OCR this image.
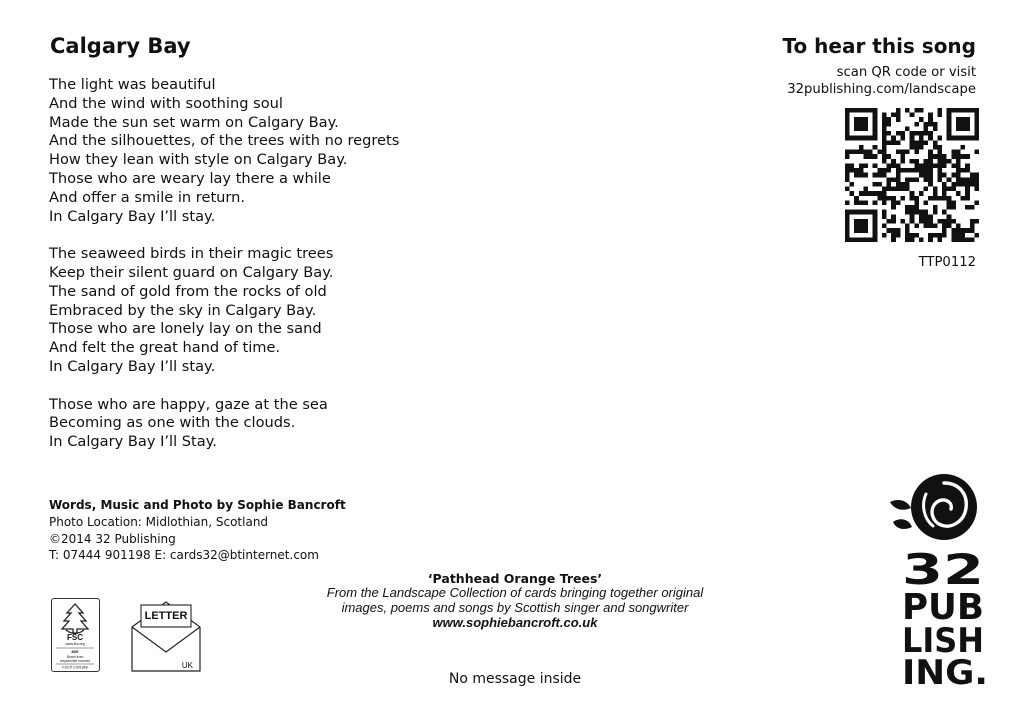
Calgary Bay
The light was beautiful
And the wind with soothing soul
Made the sun set warm on Calgary Bay.
And the silhouettes, of the trees with no regrets
How they lean with style on Calgary Bay.
Those who are weary lay there a while
And offer a smile in return.
In Calgary Bay I’ll stay.
The seaweed birds in their magic trees
Keep their silent guard on Calgary Bay.
The sand of gold from the rocks of old
Embraced by the sky in Calgary Bay.
Those who are lonely lay on the sand
And felt the great hand of time.
In Calgary Bay I’ll stay.
Those who are happy, gaze at the sea
Becoming as one with the clouds.
In Calgary Bay I’ll Stay.
To hear this song
scan QR code or visit
32publishing.com/landscape
TTP0112
Words, Music and Photo by Sophie Bancroft
Photo Location: Midlothian, Scotland
©2014 32 Publishing
T: 07444 901198 E: cards32@btinternet.com
‘Pathhead Orange Trees’
From the Landscape Collection of cards bringing together original
images, poems and songs by Scottish singer and songwriter
www.sophiebancroft.co.uk
No message inside
FSC
www.fsc.org
MIX
Board from
responsible sources
FSC® C001869
LETTER
UK
32
PUB
LISH
ING.
